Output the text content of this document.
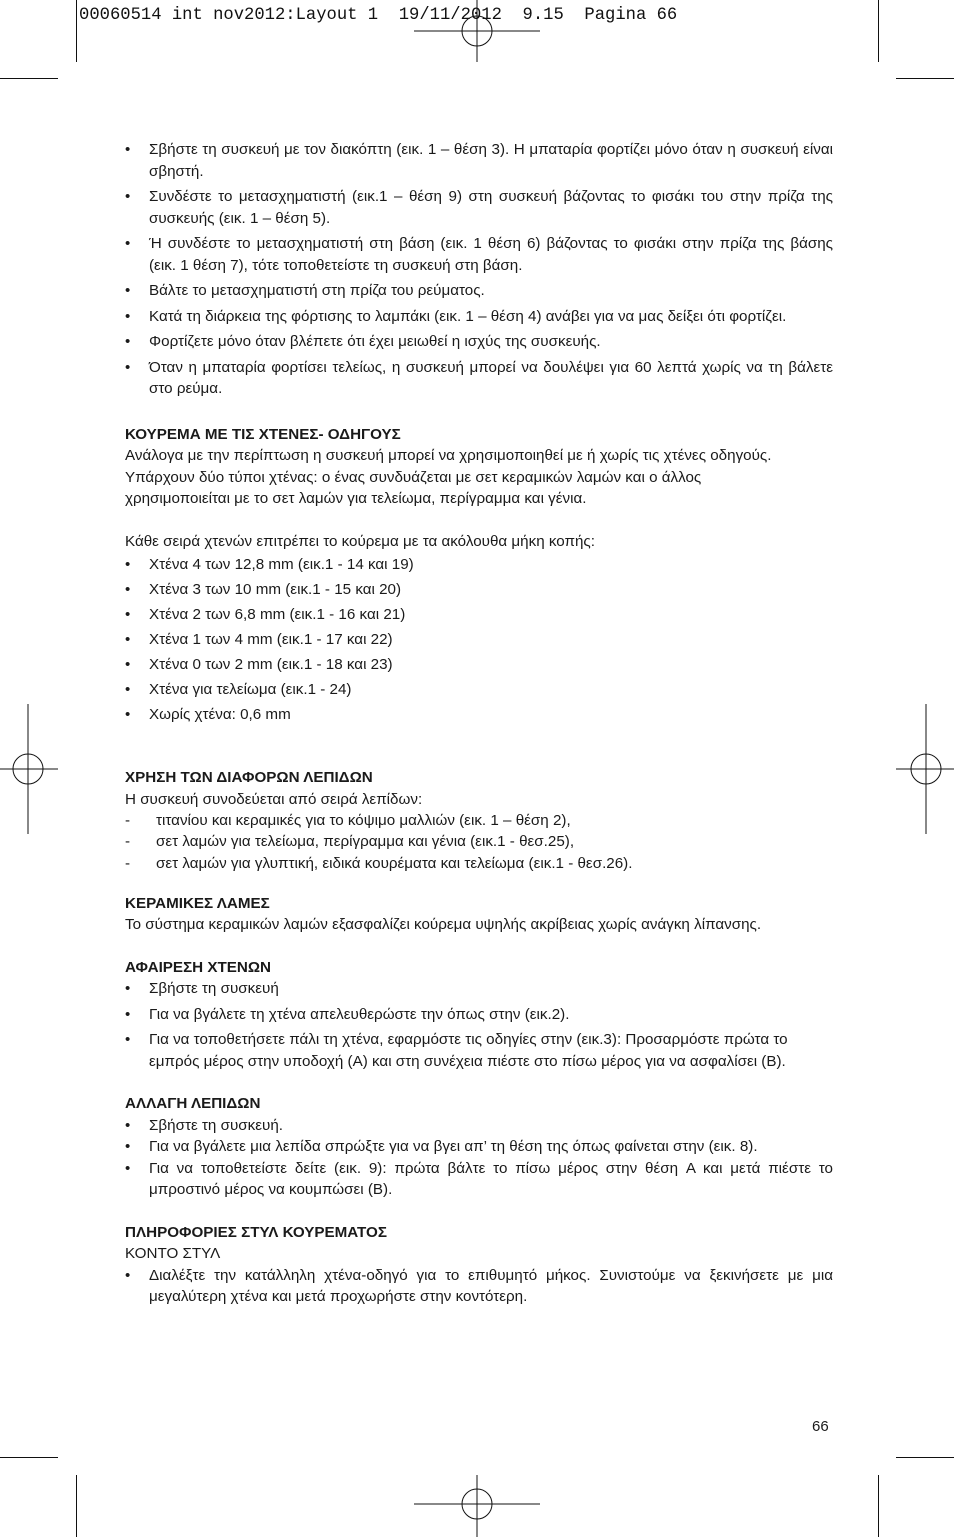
00060514 int nov2012:Layout 1  19/11/2012  9.15  Pagina 66
• Σβήστε τη συσκευή με τον διακόπτη (εικ. 1 – θέση 3). Η μπαταρία φορτίζει μόνο όταν η συσκευή είναι σβηστή.
• Συνδέστε το μετασχηματιστή (εικ.1 – θέση 9) στη συσκευή βάζοντας το φισάκι του στην πρίζα της συσκευής (εικ. 1 – θέση 5).
• Ή συνδέστε το μετασχηματιστή στη βάση (εικ. 1 θέση 6) βάζοντας το φισάκι στην πρίζα της βάσης (εικ. 1 θέση 7), τότε τοποθετείστε τη συσκευή στη βάση.
• Βάλτε το μετασχηματιστή στη πρίζα του ρεύματος.
• Κατά τη διάρκεια της φόρτισης το λαμπάκι (εικ. 1 – θέση 4) ανάβει για να μας δείξει ότι φορτίζει.
• Φορτίζετε μόνο όταν βλέπετε ότι έχει μειωθεί η ισχύς της συσκευής.
• Όταν η μπαταρία φορτίσει τελείως, η συσκευή μπορεί να δουλέψει για 60 λεπτά χωρίς να τη βάλετε στο ρεύμα.
ΚΟΥΡΕΜΑ ΜΕ ΤΙΣ ΧΤΕΝΕΣ- ΟΔΗΓΟΥΣ

Ανάλογα με την περίπτωση η συσκευή μπορεί να χρησιμοποιηθεί με ή χωρίς τις χτένες οδηγούς. Υπάρχουν δύο τύποι χτένας: ο ένας συνδυάζεται με σετ κεραμικών λαμών και ο άλλος χρησιμοποιείται με το σετ λαμών για τελείωμα, περίγραμμα και γένια.

Κάθε σειρά χτενών επιτρέπει το κούρεμα με τα ακόλουθα μήκη κοπής:

• Χτένα 4 των 12,8 mm (εικ.1 - 14 και 19)
• Χτένα 3 των 10 mm (εικ.1 - 15 και 20)
• Χτένα 2 των 6,8 mm (εικ.1 - 16 και 21)
• Χτένα 1 των 4 mm (εικ.1 - 17 και 22)
• Χτένα 0 των 2 mm (εικ.1 - 18 και 23)
• Χτένα για τελείωμα (εικ.1 - 24)
• Χωρίς χτένα: 0,6 mm
ΧΡΗΣΗ ΤΩΝ ΔΙΑΦΟΡΩΝ ΛΕΠΙΔΩΝ

Η συσκευή συνοδεύεται από σειρά λεπίδων:

- τιτανίου και κεραμικές για το κόψιμο μαλλιών (εικ. 1 – θέση 2),
- σετ λαμών για τελείωμα, περίγραμμα και γένια (εικ.1 - θεσ.25),
- σετ λαμών για γλυπτική, ειδικά κουρέματα και τελείωμα (εικ.1 - θεσ.26).
ΚΕΡΑΜΙΚΕΣ ΛΑΜΕΣ

Το σύστημα κεραμικών λαμών εξασφαλίζει κούρεμα υψηλής ακρίβειας χωρίς ανάγκη λίπανσης.

ΑΦΑΙΡΕΣΗ ΧΤΕΝΩΝ
• Σβήστε τη συσκευή
• Για να βγάλετε τη χτένα απελευθερώστε την όπως στην (εικ.2).
• Για να τοποθετήσετε πάλι τη χτένα, εφαρμόστε τις οδηγίες στην (εικ.3): Προσαρμόστε πρώτα το εμπρός μέρος στην υποδοχή (A) και στη συνέχεια πιέστε στο πίσω μέρος για να ασφαλίσει (B).
ΑΛΛΑΓΗ ΛΕΠΙΔΩΝ
• Σβήστε τη συσκευή.
• Για να βγάλετε μια λεπίδα σπρώξτε για να βγει απ’ τη θέση της όπως φαίνεται στην (εικ. 8).
• Για να τοποθετείστε δείτε (εικ. 9): πρώτα βάλτε το πίσω μέρος στην θέση A και μετά πιέστε το μπροστινό μέρος να κουμπώσει (B).
ΠΛΗΡΟΦΟΡΙΕΣ ΣΤΥΛ ΚΟΥΡΕΜΑΤΟΣ

ΚΟΝΤΟ ΣΤΥΛ

• Διαλέξτε την κατάλληλη χτένα-οδηγό για το επιθυμητό μήκος. Συνιστούμε να ξεκινήσετε με μια μεγαλύτερη χτένα και μετά προχωρήστε στην κοντότερη.
66
